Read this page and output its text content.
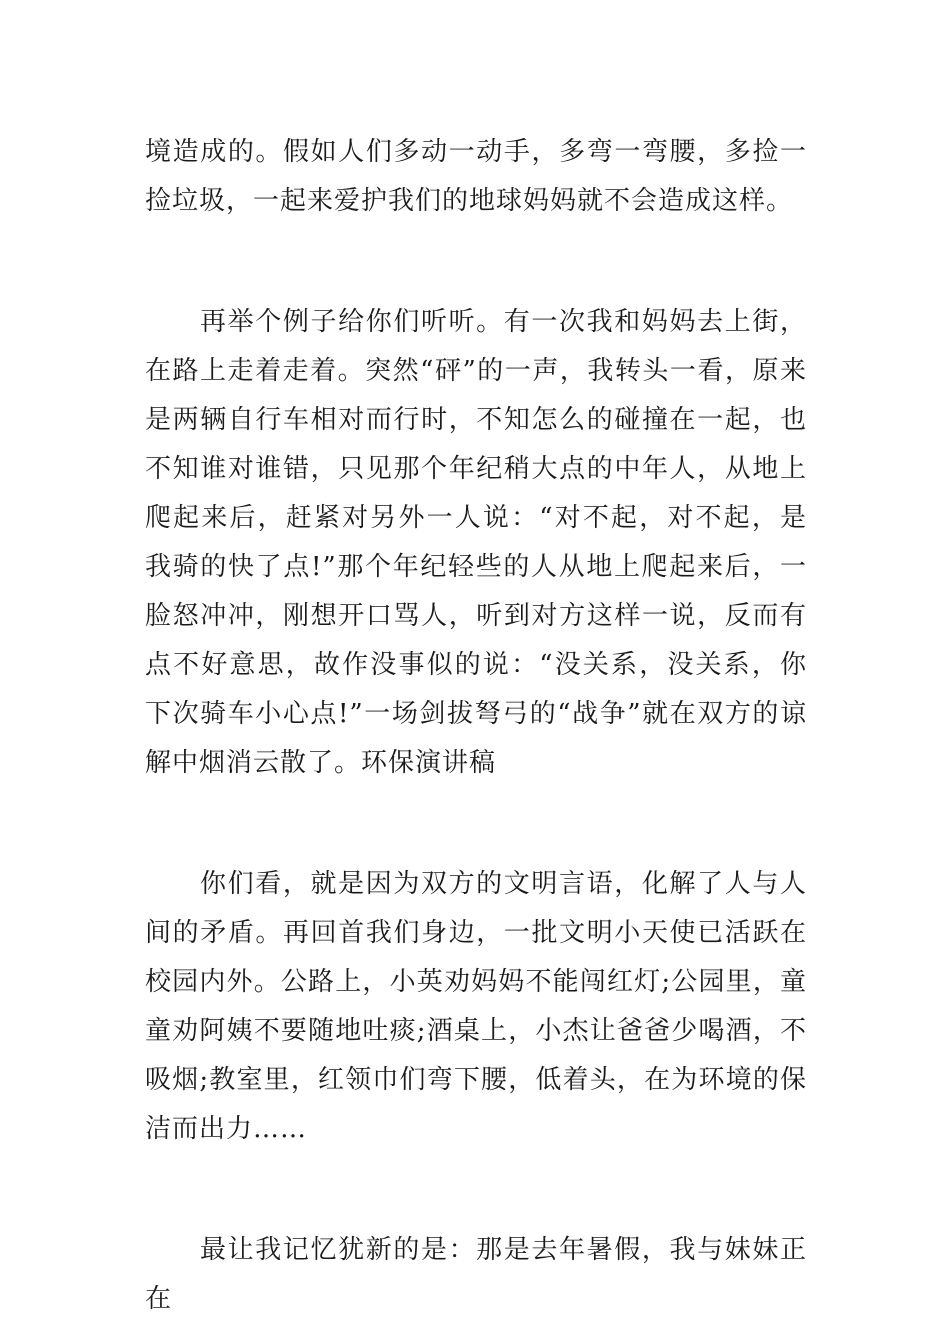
境造成的。假如人们多动一动手，多弯一弯腰，多捡一捡垃圾，一起来爱护我们的地球妈妈就不会造成这样。

再举个例子给你们听听。有一次我和妈妈去上街，在路上走着走着。突然“砰”的一声，我转头一看，原来是两辆自行车相对而行时，不知怎么的碰撞在一起，也不知谁对谁错，只见那个年纪稍大点的中年人，从地上爬起来后，赶紧对另外一人说：“对不起，对不起，是我骑的快了点!”那个年纪轻些的人从地上爬起来后，一脸怒冲冲，刚想开口骂人，听到对方这样一说，反而有点不好意思，故作没事似的说：“没关系，没关系，你下次骑车小心点!”一场剑拔弩弓的“战争”就在双方的谅解中烟消云散了。环保演讲稿

你们看，就是因为双方的文明言语，化解了人与人间的矛盾。再回首我们身边，一批文明小天使已活跃在校园内外。公路上，小英劝妈妈不能闯红灯;公园里，童童劝阿姨不要随地吐痰;酒桌上，小杰让爸爸少喝酒，不吸烟;教室里，红领巾们弯下腰，低着头，在为环境的保洁而出力……

最让我记忆犹新的是：那是去年暑假，我与妹妹正在
